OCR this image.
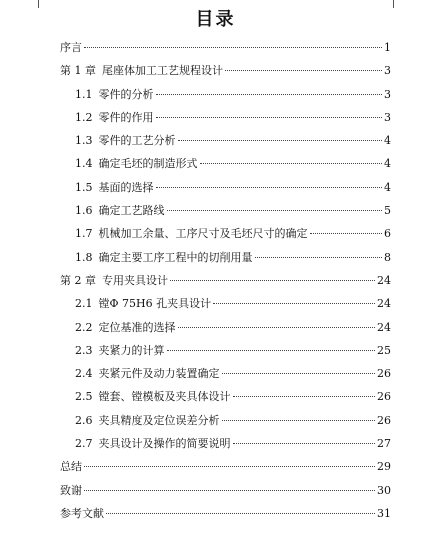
目录
序言	1
第 1 章 尾座体加工工艺规程设计	3
1.1 零件的分析	3
1.2 零件的作用	3
1.3 零件的工艺分析	4
1.4 确定毛坯的制造形式	4
1.5 基面的选择	4
1.6 确定工艺路线	5
1.7 机械加工余量、工序尺寸及毛坯尺寸的确定	6
1.8 确定主要工序工程中的切削用量	8
第 2 章 专用夹具设计	24
2.1 镗Φ 75H6 孔夹具设计	24
2.2 定位基准的选择	24
2.3 夹紧力的计算	25
2.4 夹紧元件及动力装置确定	26
2.5 镗套、镗模板及夹具体设计	26
2.6 夹具精度及定位误差分析	26
2.7 夹具设计及操作的简要说明	27
总结	29
致谢	30
参考文献	31
